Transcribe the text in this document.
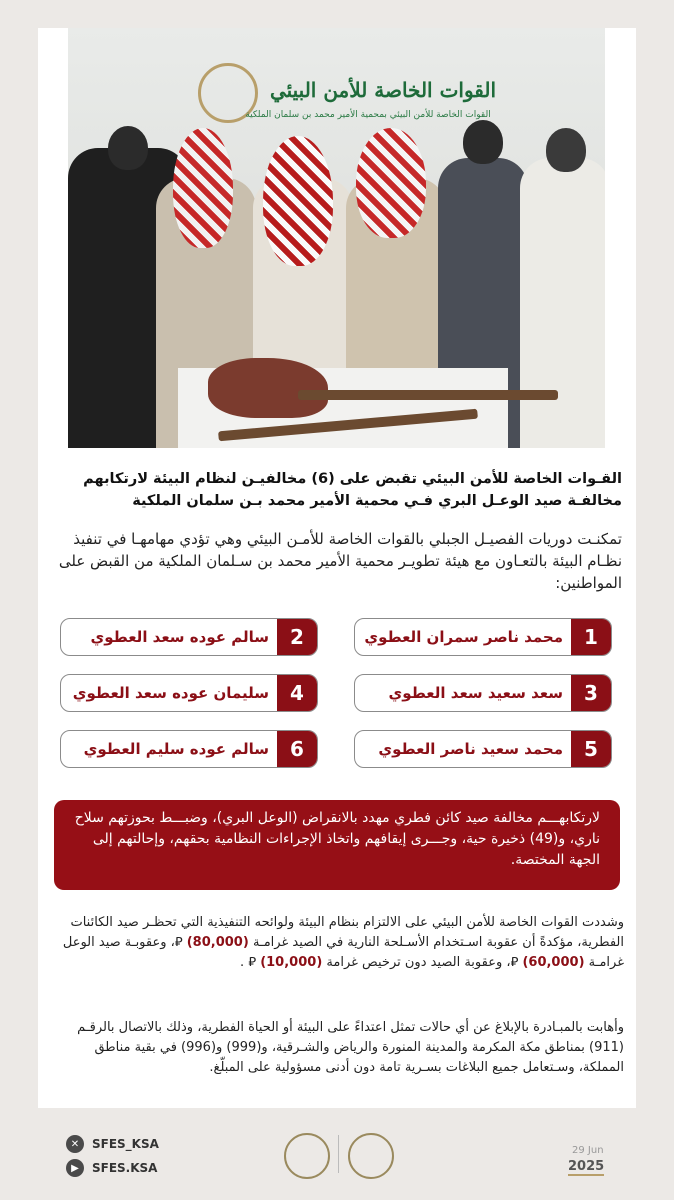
القوات الخاصة للأمن البيئي
القوات الخاصة للأمن البيئي بمحمية الأمير محمد بن سلمان الملكية
القـوات الخاصة للأمن البيئي تقبض على (6) مخالفيـن لنظام البيئة لارتكابهم مخالفـة صيد الوعـل البري فـي محمية الأمير محمد بـن سلمان الملكية
تمكنـت دوريات الفصيـل الجبلي بالقوات الخاصة للأمـن البيئي وهي تؤدي مهامهـا في تنفيذ نظـام البيئة بالتعـاون مع هيئة تطويـر محمية الأمير محمد بن سـلمان الملكية من القبض على المواطنين:
1
محمد ناصر سمران العطوي
2
سالم عوده سعد العطوي
3
سعد سعيد سعد العطوي
4
سليمان عوده سعد العطوي
5
محمد سعيد ناصر العطوي
6
سالم عوده سليم العطوي
لارتكابهـــم مخالفة صيد كائن فطري مهدد بالانقراض (الوعل البري)، وضبـــط بحوزتهم سلاح ناري، و(49) ذخيرة حية، وجـــرى إيقافهم واتخاذ الإجراءات النظامية بحقهم، وإحالتهم إلى الجهة المختصة.
وشددت القوات الخاصة للأمن البيئي على الالتزام بنظام البيئة ولوائحه التنفيذية التي تحظـر صيد الكائنات الفطرية، مؤكدةً أن عقوبة اسـتخدام الأسـلحة النارية في الصيد غرامـة (80,000) ⃁، وعقوبـة صيد الوعل غرامـة (60,000) ⃁، وعقوبة الصيد دون ترخيص غرامة (10,000) ⃁ .
وأهابت بالمبـادرة بالإبلاغ عن أي حالات تمثل اعتداءً على البيئة أو الحياة الفطرية، وذلك بالاتصال بالرقـم (911) بمناطق مكة المكرمة والمدينة المنورة والرياض والشـرقية، و(999) و(996) في بقية مناطق المملكة، وسـتعامل جميع البلاغات بسـرية تامة دون أدنى مسؤولية على المبلّغ.
✕	SFES_KSA
▶	SFES.KSA
29 Jun
2025
